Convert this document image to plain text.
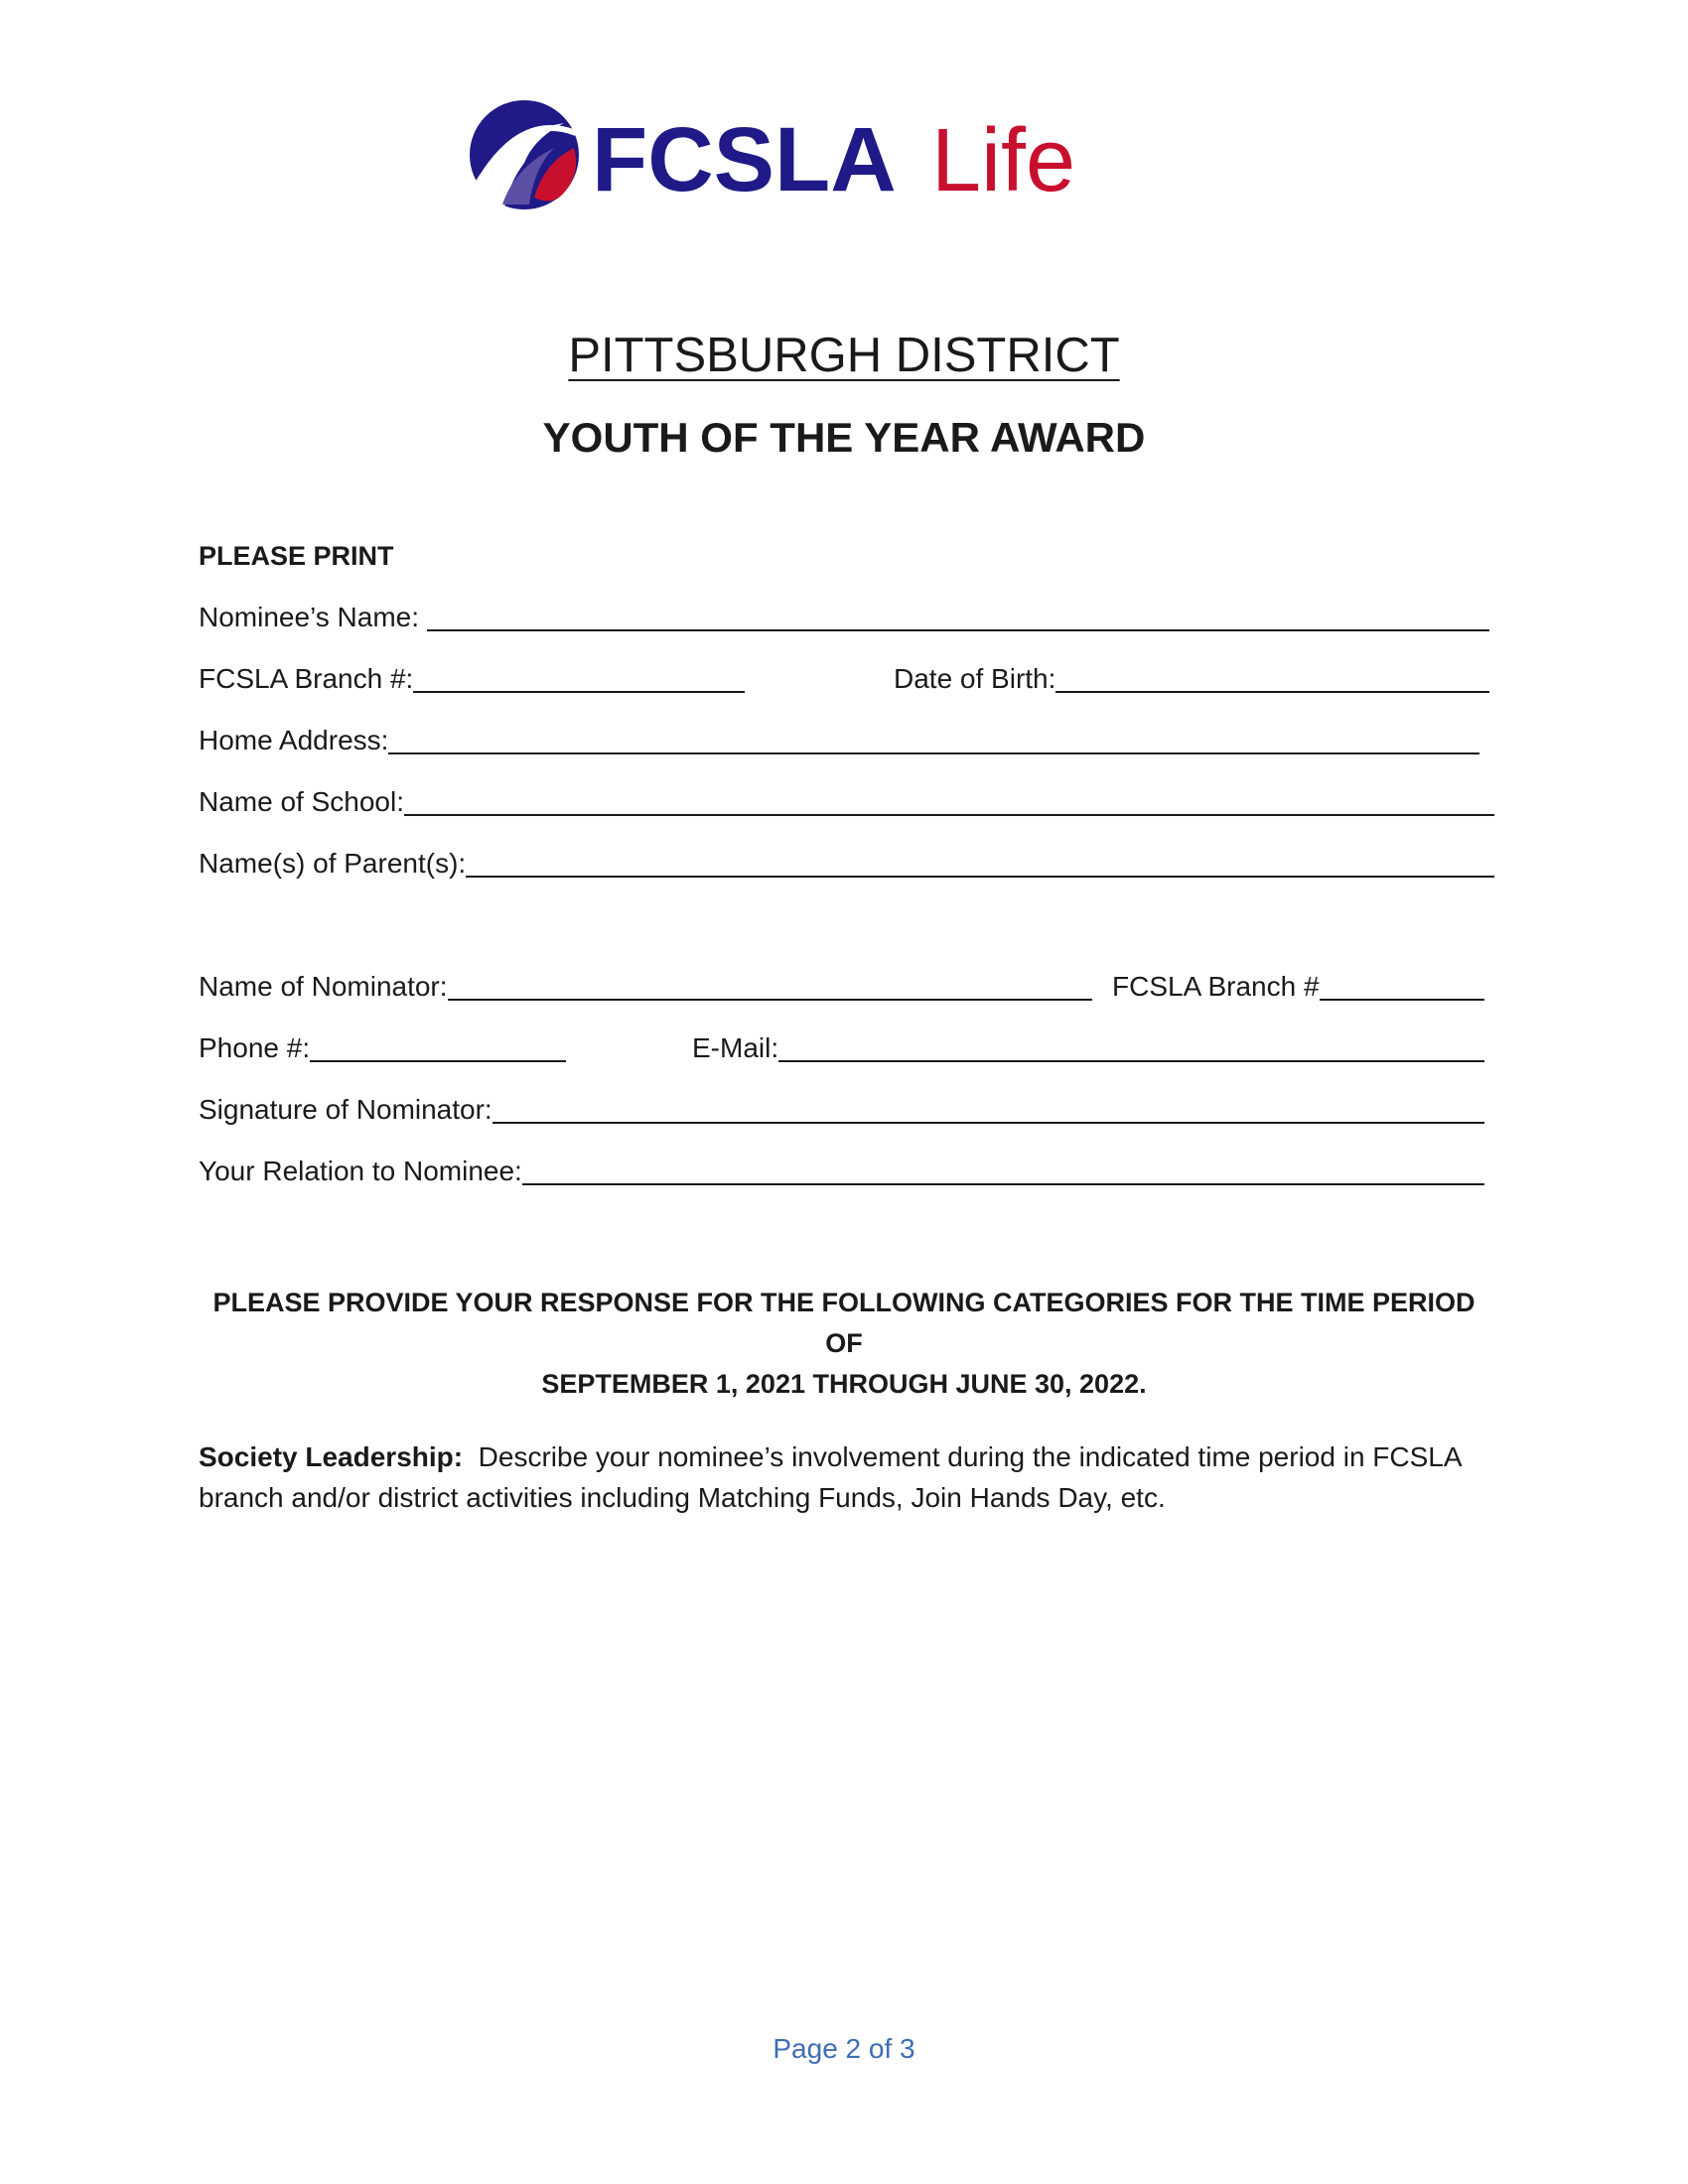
FCSLA Life
PITTSBURGH DISTRICT
YOUTH OF THE YEAR AWARD
PLEASE PRINT
Nominee’s Name:
FCSLA Branch #:	Date of Birth:
Home Address:
Name of School:
Name(s) of Parent(s):
Name of Nominator:	FCSLA Branch #
Phone #:	E-Mail:
Signature of Nominator:
Your Relation to Nominee:
PLEASE PROVIDE YOUR RESPONSE FOR THE FOLLOWING CATEGORIES FOR THE TIME PERIOD OF
SEPTEMBER 1, 2021 THROUGH JUNE 30, 2022.
Society Leadership: Describe your nominee’s involvement during the indicated time period in FCSLA branch and/or district activities including Matching Funds, Join Hands Day, etc.
Page 2 of 3
